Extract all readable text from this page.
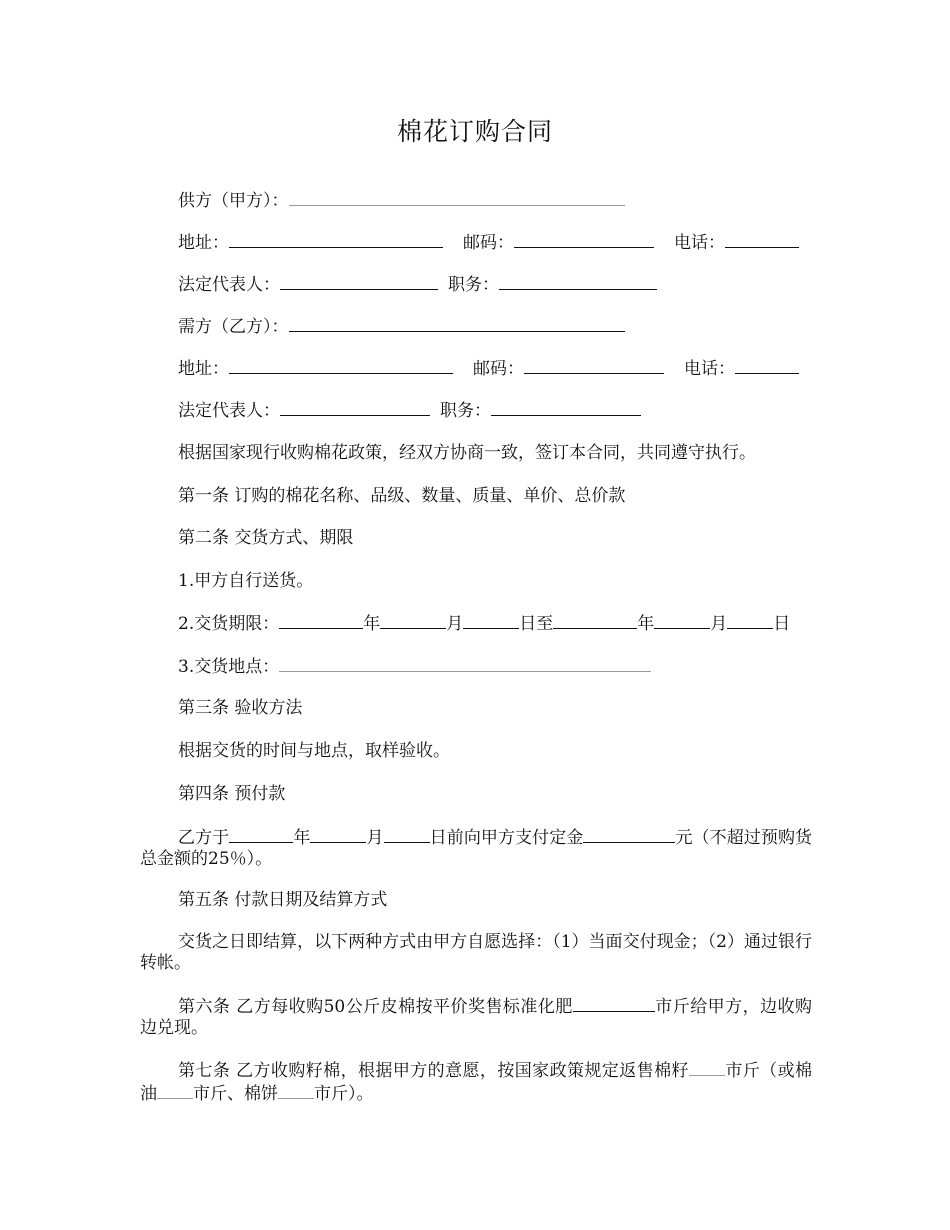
棉花订购合同
供方（甲方）：
地址：	邮码：	电话：
法定代表人：	职务：
需方（乙方）：
地址：	邮码：	电话：
法定代表人：	职务：
根据国家现行收购棉花政策，经双方协商一致，签订本合同，共同遵守执行。
第一条 订购的棉花名称、品级、数量、质量、单价、总价款
第二条 交货方式、期限
1.甲方自行送货。
2.交货期限：	年	月	日至	年	月	日
3.交货地点：
第三条 验收方法
根据交货的时间与地点，取样验收。
第四条 预付款
乙方于	年	月	日前向甲方支付定金	元（不超过预购货总金额的25％）。
第五条 付款日期及结算方式
交货之日即结算，以下两种方式由甲方自愿选择：（1）当面交付现金；（2）通过银行转帐。
第六条 乙方每收购50公斤皮棉按平价奖售标准化肥	市斤给甲方，边收购边兑现。
第七条 乙方收购籽棉，根据甲方的意愿，按国家政策规定返售棉籽 市斤（或棉油 市斤、棉饼 市斤）。
